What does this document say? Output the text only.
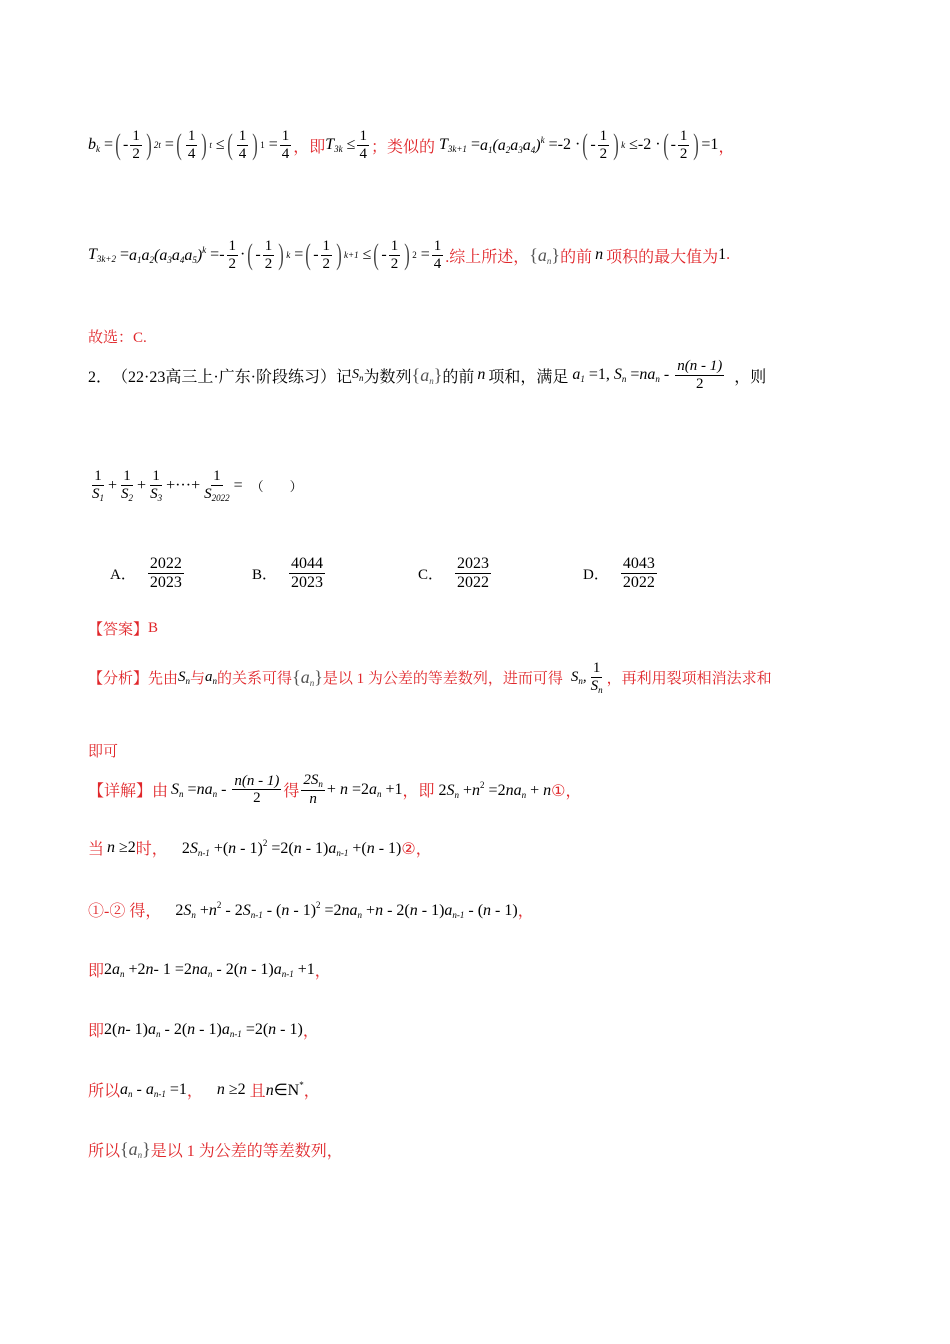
$b_k$ = ( - $\frac{1}{2}$ ) 2t = ( $\frac{1}{4}$ ) t ≤ ( $\frac{1}{4}$ ) $1 = \frac{1}{4}$ ，即 $T_{3k} \le \frac{1}{4}$ ；类似的 $T_{3k+1} = a_1(a_2a_3a_4)^k =-2$ · ( - $\frac{1}{2}$ ) k ≤-2 · ( - $\frac{1}{2}$ ) =1 ，
$T_{3k+2} = a_1a_2(a_3a_4a_5)^k =- \frac{1}{2}$ · ( - $\frac{1}{2}$ ) k = ( - $\frac{1}{2}$ ) k+1 ≤ ( - $\frac{1}{2}$ ) $2 = \frac{1}{4}$ .综上所述， $\{a_n\}$ 的前 n 项积的最大值为 1 .
故选：C.
2． （22·23高三上·广东·阶段练习） 记 $S_n$ 为数列 $\{a_n\}$ 的前 n 项和，满足 $a_1 =1$, $S_n = na_n - \frac{n(n - 1)}{2}$ ，则
$\frac{1}{S_1} + \frac{1}{S_2} + \frac{1}{S_3}$ +···+ $\frac{1}{S_{2022}}$ = （　　）
A． $\frac{2022}{2023}$	B． $\frac{4044}{2023}$	C． $\frac{2023}{2022}$	D． $\frac{4043}{2022}$
【答案】 B
【分析】 先由 $S_n$ 与 $a_n$ 的关系可得 $\{a_n\}$ 是以 1 为公差的等差数列，进而可得 $S_n$, $\frac{1}{S_n}$ ，再利用裂项相消法求和
即可
【详解】 由 $S_n = na_n - \frac{n(n - 1)}{2}$ 得 $\frac{2S_n}{n} + n =2$ $a_n +1$ ，即 $2S_n +n^2 =2na_n + n$ ①，
当 n ≥2 时， $2S_{n-1} +(n - 1)^2 =2(n - 1)a_{n-1} +(n - 1)$ ②，
①-② 得， $2S_n +n^2 - 2S_{n-1} - (n - 1)^2 =2na_n +n - 2(n - 1)a_{n-1} - (n - 1)$ ，
即 $2a_n +2n-$ $1 =2na_n - 2(n - 1)a_{n-1} +1$ ，
即 2(n- $1)a_n - 2(n - 1)a_{n-1} =2(n - 1)$ ，
所以 $a_n - a_{n-1} =1$ ， n ≥2 且 n∈N* ，
所以 $\{a_n\}$ 是以 1 为公差的等差数列，
